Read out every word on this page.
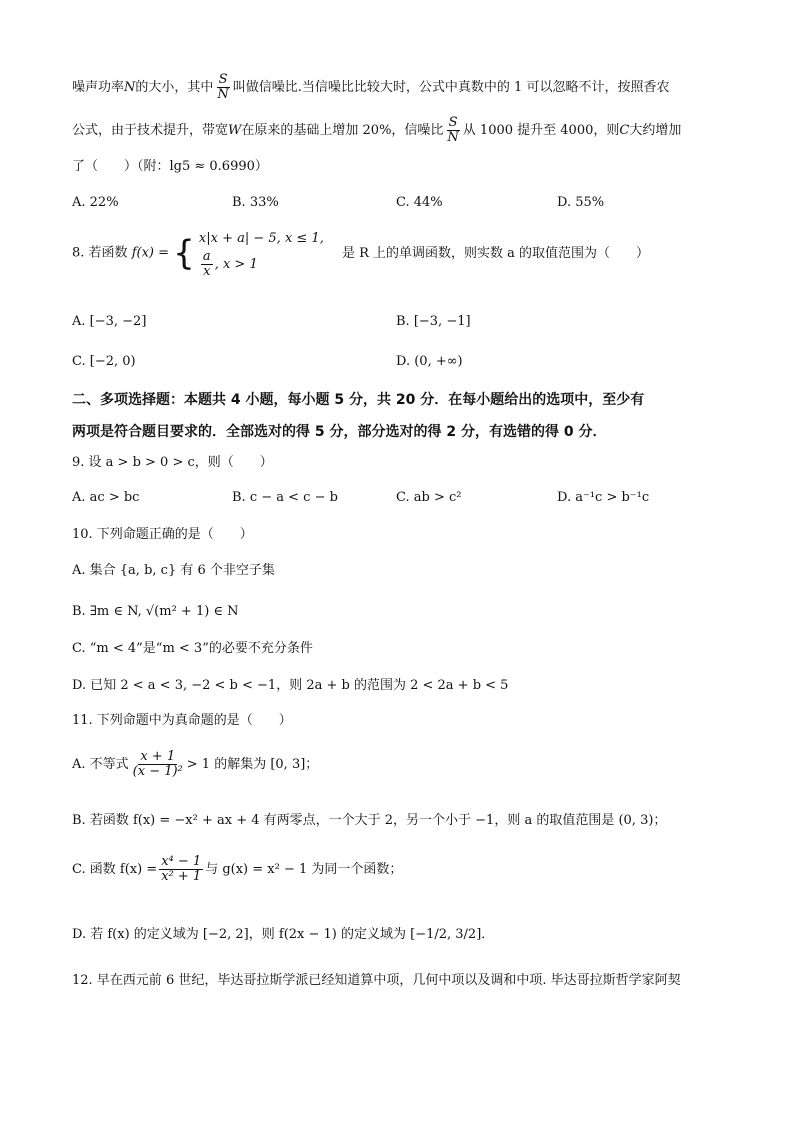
噪声功率N的大小，其中 $\frac{S}{N}$ 叫做信噪比.当信噪比比较大时，公式中真数中的 1 可以忽略不计，按照香农
公式，由于技术提升，带宽W在原来的基础上增加 20%，信噪比 $\frac{S}{N}$ 从 1000 提升至 4000，则C大约增加
了（　　）（附：lg5 ≈ 0.6990）
A. 22%	B. 33%	C. 44%	D. 55%
8. 若函数 f(x) = { x|x + a| − 5, x ≤ 1,
$\frac{a}{x}$ , x > 1
是 R 上的单调函数，则实数 a 的取值范围为（　　）
A. [−3, −2]	B. [−3, −1]
C. [−2, 0)	D. (0, +∞)
二、多项选择题：本题共 4 小题，每小题 5 分，共 20 分．在每小题给出的选项中，至少有
两项是符合题目要求的．全部选对的得 5 分，部分选对的得 2 分，有选错的得 0 分．
9. 设 a > b > 0 > c，则（　　）
A. ac > bc	B. c − a < c − b	C. ab > c²	D. a⁻¹c > b⁻¹c
10. 下列命题正确的是（　　）
A. 集合 {a, b, c} 有 6 个非空子集
B. ∃m ∈ N, √(m² + 1) ∈ N
C. “m < 4”是“m < 3”的必要不充分条件
D. 已知 2 < a < 3, −2 < b < −1，则 2a + b 的范围为 2 < 2a + b < 5
11. 下列命题中为真命题的是（　　）
A. 不等式 $\frac{x + 1}{\text{(x − 1)²}} > 1$ 的解集为 [0, 3]；
B. 若函数 f(x) = −x² + ax + 4 有两零点，一个大于 2，另一个小于 −1，则 a 的取值范围是 (0, 3)；
C. 函数 $f(x) = \frac{\text{x⁴ − 1}}{\text{x² + 1}}$ 与 g(x) = x² − 1 为同一个函数；
D. 若 f(x) 的定义域为 [−2, 2]，则 f(2x − 1) 的定义域为 [−1/2, 3/2]．
12. 早在西元前 6 世纪，毕达哥拉斯学派已经知道算中项，几何中项以及调和中项. 毕达哥拉斯哲学家阿契
